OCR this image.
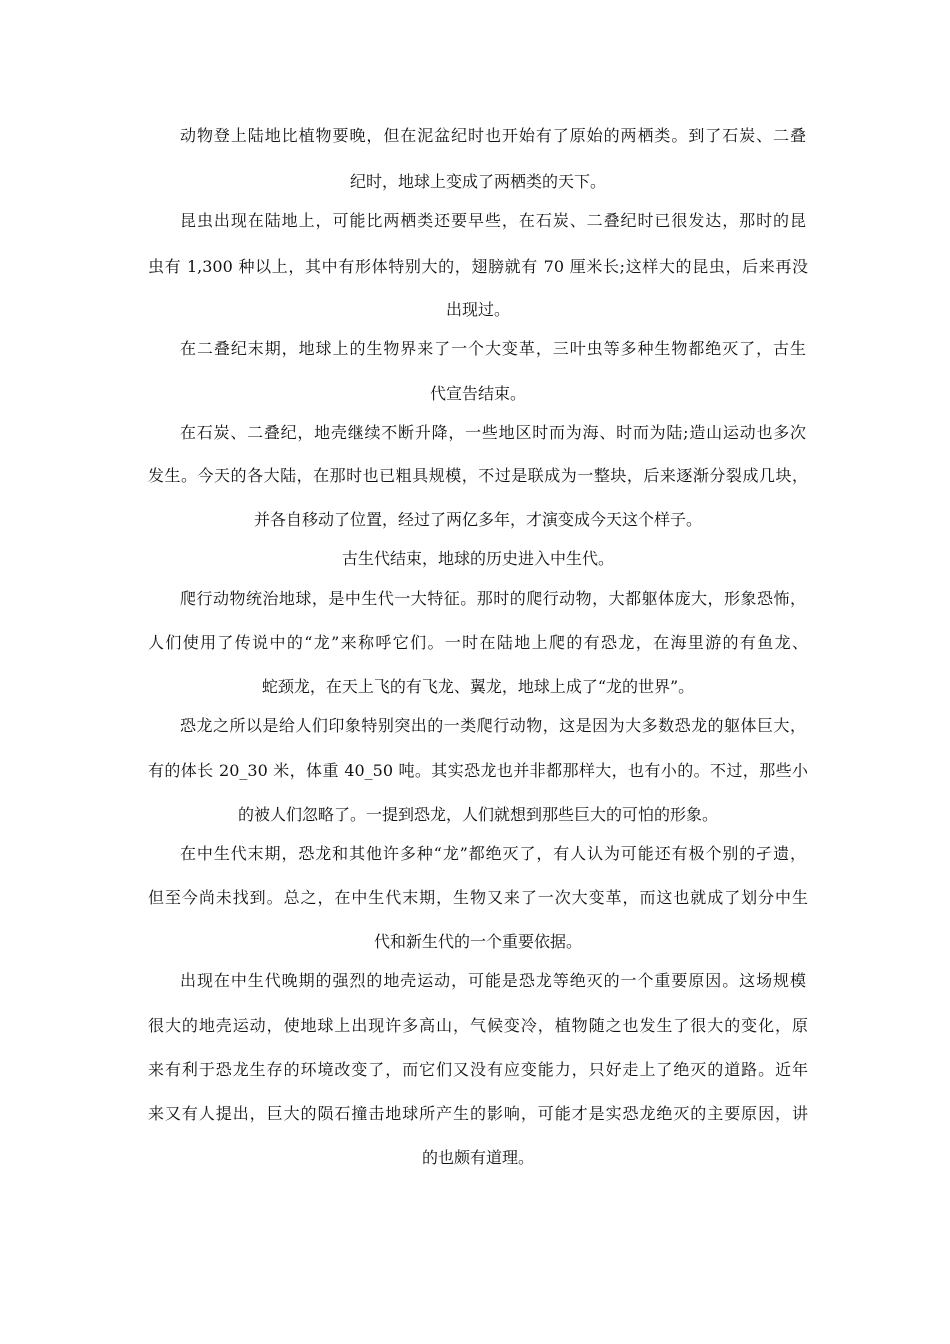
动物登上陆地比植物要晚，但在泥盆纪时也开始有了原始的两栖类。到了石炭、二叠
纪时，地球上变成了两栖类的天下。
昆虫出现在陆地上，可能比两栖类还要早些，在石炭、二叠纪时已很发达，那时的昆
虫有 1,300 种以上，其中有形体特别大的，翅膀就有 70 厘米长;这样大的昆虫，后来再没
出现过。
在二叠纪末期，地球上的生物界来了一个大变革，三叶虫等多种生物都绝灭了，古生
代宣告结束。
在石炭、二叠纪，地壳继续不断升降，一些地区时而为海、时而为陆;造山运动也多次
发生。今天的各大陆，在那时也已粗具规模，不过是联成为一整块，后来逐渐分裂成几块，
并各自移动了位置，经过了两亿多年，才演变成今天这个样子。
古生代结束，地球的历史进入中生代。
爬行动物统治地球，是中生代一大特征。那时的爬行动物，大都躯体庞大，形象恐怖，
人们使用了传说中的“龙”来称呼它们。一时在陆地上爬的有恐龙，在海里游的有鱼龙、
蛇颈龙，在天上飞的有飞龙、翼龙，地球上成了“龙的世界”。
恐龙之所以是给人们印象特别突出的一类爬行动物，这是因为大多数恐龙的躯体巨大，
有的体长 20_30 米，体重 40_50 吨。其实恐龙也并非都那样大，也有小的。不过，那些小
的被人们忽略了。一提到恐龙，人们就想到那些巨大的可怕的形象。
在中生代末期，恐龙和其他许多种“龙”都绝灭了，有人认为可能还有极个别的孑遗，
但至今尚未找到。总之，在中生代末期，生物又来了一次大变革，而这也就成了划分中生
代和新生代的一个重要依据。
出现在中生代晚期的强烈的地壳运动，可能是恐龙等绝灭的一个重要原因。这场规模
很大的地壳运动，使地球上出现许多高山，气候变冷，植物随之也发生了很大的变化，原
来有利于恐龙生存的环境改变了，而它们又没有应变能力，只好走上了绝灭的道路。近年
来又有人提出，巨大的陨石撞击地球所产生的影响，可能才是实恐龙绝灭的主要原因，讲
的也颇有道理。
